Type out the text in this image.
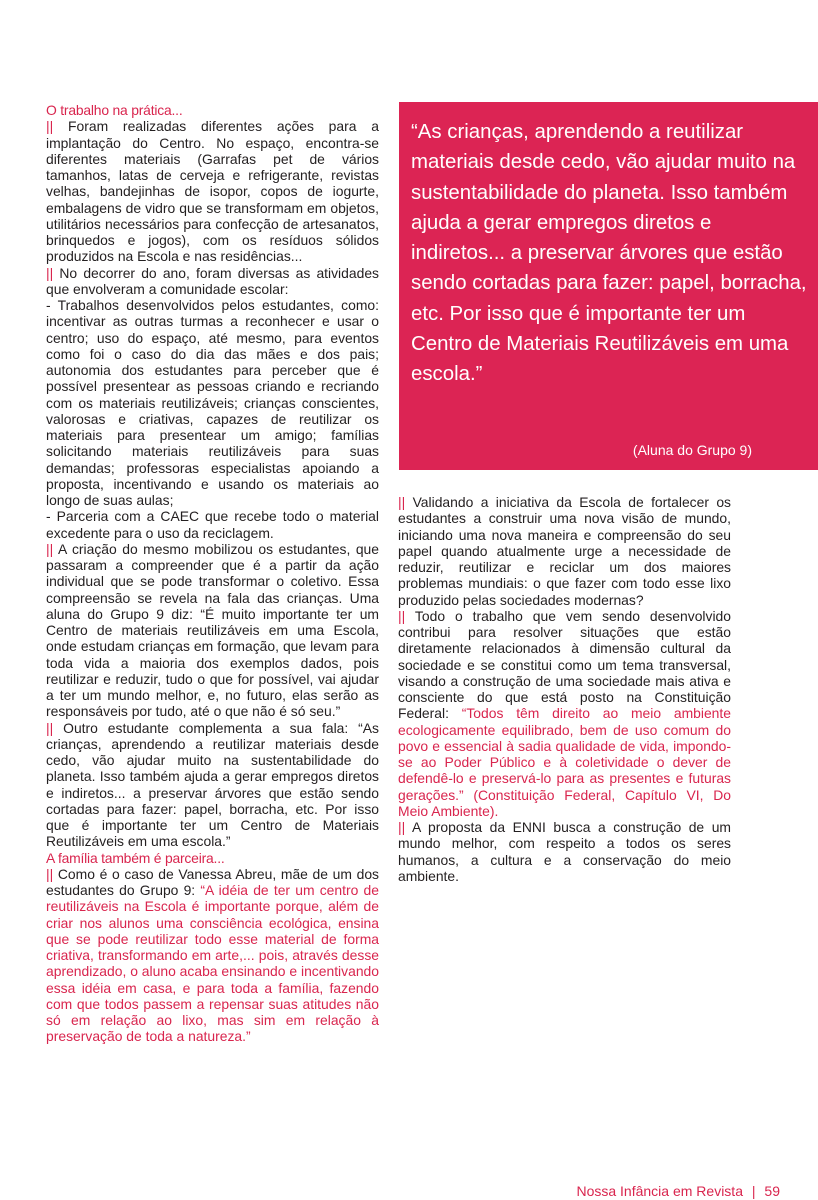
O trabalho na prática...

|| Foram realizadas diferentes ações para a implantação do Centro. No espaço, encontra-se diferentes materiais (Garrafas pet de vários tamanhos, latas de cerveja e refrigerante, revistas velhas, bandejinhas de isopor, copos de iogurte, embalagens de vidro que se transformam em objetos, utilitários necessários para confecção de artesanatos, brinquedos e jogos), com os resíduos sólidos produzidos na Escola e nas residências...

|| No decorrer do ano, foram diversas as atividades que envolveram a comunidade escolar:

- Trabalhos desenvolvidos pelos estudantes, como: incentivar as outras turmas a reconhecer e usar o centro; uso do espaço, até mesmo, para eventos como foi o caso do dia das mães e dos pais; autonomia dos estudantes para perceber que é possível presentear as pessoas criando e recriando com os materiais reutilizáveis; crianças conscientes, valorosas e criativas, capazes de reutilizar os materiais para presentear um amigo; famílias solicitando materiais reutilizáveis para suas demandas; professoras especialistas apoiando a proposta, incentivando e usando os materiais ao longo de suas aulas;

- Parceria com a CAEC que recebe todo o material excedente para o uso da reciclagem.

|| A criação do mesmo mobilizou os estudantes, que passaram a compreender que é a partir da ação individual que se pode transformar o coletivo. Essa compreensão se revela na fala das crianças. Uma aluna do Grupo 9 diz: “É muito importante ter um Centro de materiais reutilizáveis em uma Escola, onde estudam crianças em formação, que levam para toda vida a maioria dos exemplos dados, pois reutilizar e reduzir, tudo o que for possível, vai ajudar a ter um mundo melhor, e, no futuro, elas serão as responsáveis por tudo, até o que não é só seu.”

|| Outro estudante complementa a sua fala: “As crianças, aprendendo a reutilizar materiais desde cedo, vão ajudar muito na sustentabilidade do planeta. Isso também ajuda a gerar empregos diretos e indiretos... a preservar árvores que estão sendo cortadas para fazer: papel, borracha, etc. Por isso que é importante ter um Centro de Materiais Reutilizáveis em uma escola.”

A família também é parceira...

|| Como é o caso de Vanessa Abreu, mãe de um dos estudantes do Grupo 9: “A idéia de ter um centro de reutilizáveis na Escola é importante porque, além de criar nos alunos uma consciência ecológica, ensina que se pode reutilizar todo esse material de forma criativa, transformando em arte,... pois, através desse aprendizado, o aluno acaba ensinando e incentivando essa idéia em casa, e para toda a família, fazendo com que todos passem a repensar suas atitudes não só em relação ao lixo, mas sim em relação à preservação de toda a natureza.”

“As crianças, aprendendo a reutilizar materiais desde cedo, vão ajudar muito na sustentabilidade do planeta. Isso também ajuda a gerar empregos diretos e indiretos... a preservar árvores que estão sendo cortadas para fazer: papel, borracha, etc. Por isso que é importante ter um Centro de Materiais Reutilizáveis em uma escola.”

(Aluna do Grupo 9)

|| Validando a iniciativa da Escola de fortalecer os estudantes a construir uma nova visão de mundo, iniciando uma nova maneira e compreensão do seu papel quando atualmente urge a necessidade de reduzir, reutilizar e reciclar um dos maiores problemas mundiais: o que fazer com todo esse lixo produzido pelas sociedades modernas?

|| Todo o trabalho que vem sendo desenvolvido contribui para resolver situações que estão diretamente relacionados à dimensão cultural da sociedade e se constitui como um tema transversal, visando a construção de uma sociedade mais ativa e consciente do que está posto na Constituição Federal: “Todos têm direito ao meio ambiente ecologicamente equilibrado, bem de uso comum do povo e essencial à sadia qualidade de vida, impondo-se ao Poder Público e à coletividade o dever de defendê-lo e preservá-lo para as presentes e futuras gerações.” (Constituição Federal, Capítulo VI, Do Meio Ambiente).

|| A proposta da ENNI busca a construção de um mundo melhor, com respeito a todos os seres humanos, a cultura e a conservação do meio ambiente.

Nossa Infância em Revista | 59
